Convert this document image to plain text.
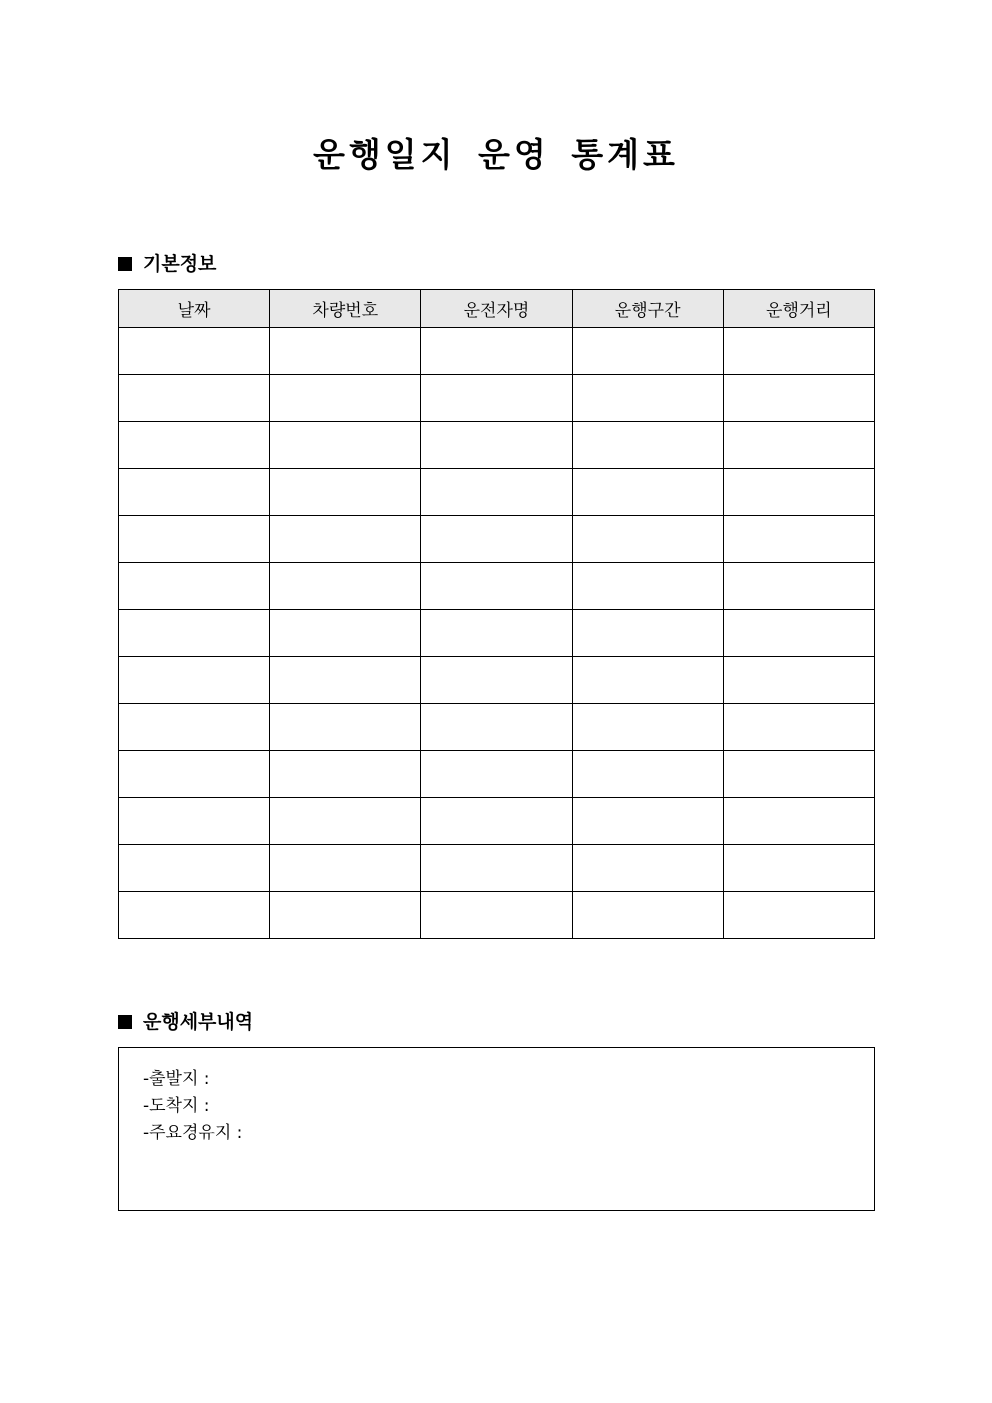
운행일지 운영 통계표
기본정보
날짜	차량번호	운전자명	운행구간	운행거리

운행세부내역
-출발지 :
-도착지 :
-주요경유지 :
